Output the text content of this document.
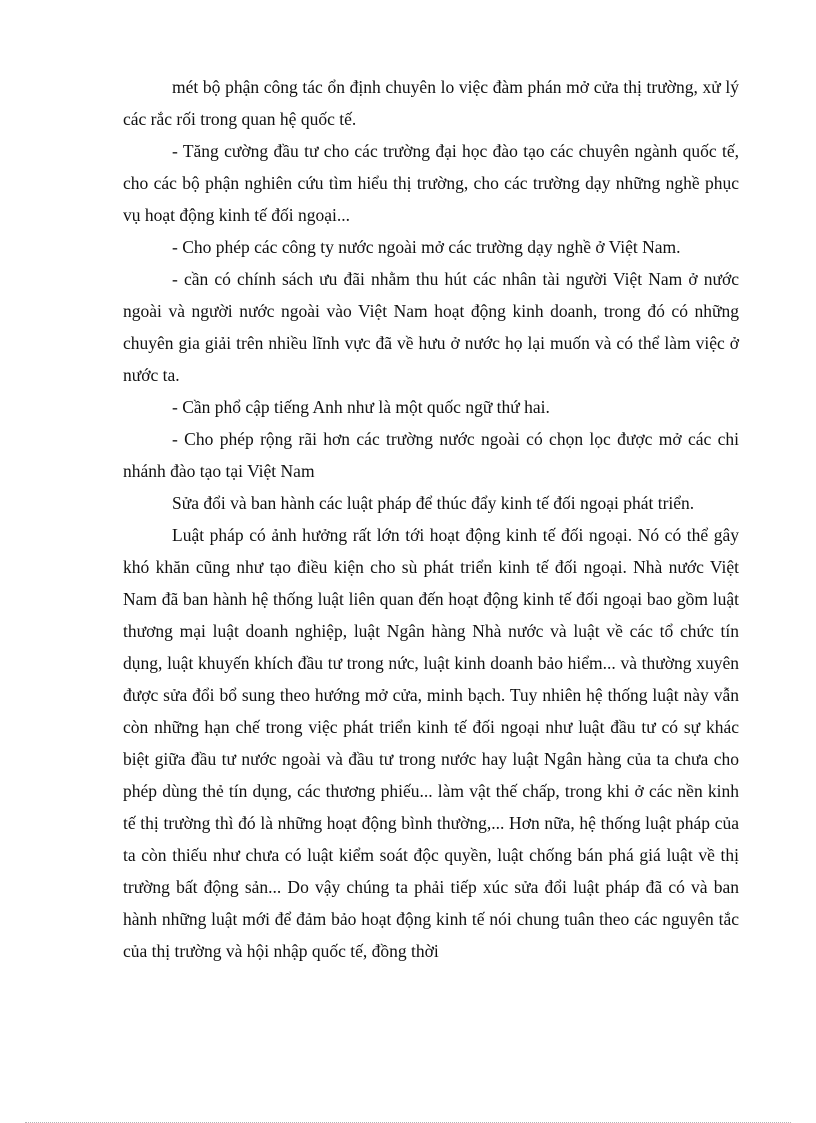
mét bộ phận công tác ổn định chuyên lo việc đàm phán mở cửa thị trường, xử lý các rắc rối trong quan hệ quốc tế.

- Tăng cường đầu tư cho các trường đại học đào tạo các chuyên ngành quốc tế, cho các bộ phận nghiên cứu tìm hiểu thị trường, cho các trường dạy những nghề phục vụ hoạt động kinh tế đối ngoại...

- Cho phép các công ty nước ngoài mở các trường dạy nghề ở Việt Nam.

- cần có chính sách ưu đãi nhằm thu hút các nhân tài người Việt Nam ở nước ngoài và người nước ngoài vào Việt Nam hoạt động kinh doanh, trong đó có những chuyên gia giải trên nhiều lĩnh vực đã về hưu ở nước họ lại muốn và có thể làm việc ở nước ta.

- Cần phổ cập tiếng Anh như là một quốc ngữ thứ hai.

- Cho phép rộng rãi hơn các trường nước ngoài có chọn lọc được mở các chi nhánh đào tạo tại Việt Nam

Sửa đổi và ban hành các luật pháp để thúc đẩy kinh tế đối ngoại phát triển.

Luật pháp có ảnh hưởng rất lớn tới hoạt động kinh tế đối ngoại. Nó có thể gây khó khăn cũng như tạo điều kiện cho sù phát triển kinh tế đối ngoại. Nhà nước Việt Nam đã ban hành hệ thống luật liên quan đến hoạt động kinh tế đối ngoại bao gồm luật thương mại luật doanh nghiệp, luật Ngân hàng Nhà nước và luật về các tổ chức tín dụng, luật khuyến khích đầu tư trong nức, luật kinh doanh bảo hiểm... và thường xuyên được sửa đổi bổ sung theo hướng mở cửa, minh bạch. Tuy nhiên hệ thống luật này vẫn còn những hạn chế trong việc phát triển kinh tế đối ngoại như luật đầu tư có sự khác biệt giữa đầu tư nước ngoài và đầu tư trong nước hay luật Ngân hàng của ta chưa cho phép dùng thẻ tín dụng, các thương phiếu... làm vật thế chấp, trong khi ở các nền kinh tế thị trường thì đó là những hoạt động bình thường,... Hơn nữa, hệ thống luật pháp của ta còn thiếu như chưa có luật kiểm soát độc quyền, luật chống bán phá giá luật về thị trường bất động sản... Do vậy chúng ta phải tiếp xúc sửa đổi luật pháp đã có và ban hành những luật mới để đảm bảo hoạt động kinh tế nói chung tuân theo các nguyên tắc của thị trường và hội nhập quốc tế, đồng thời
